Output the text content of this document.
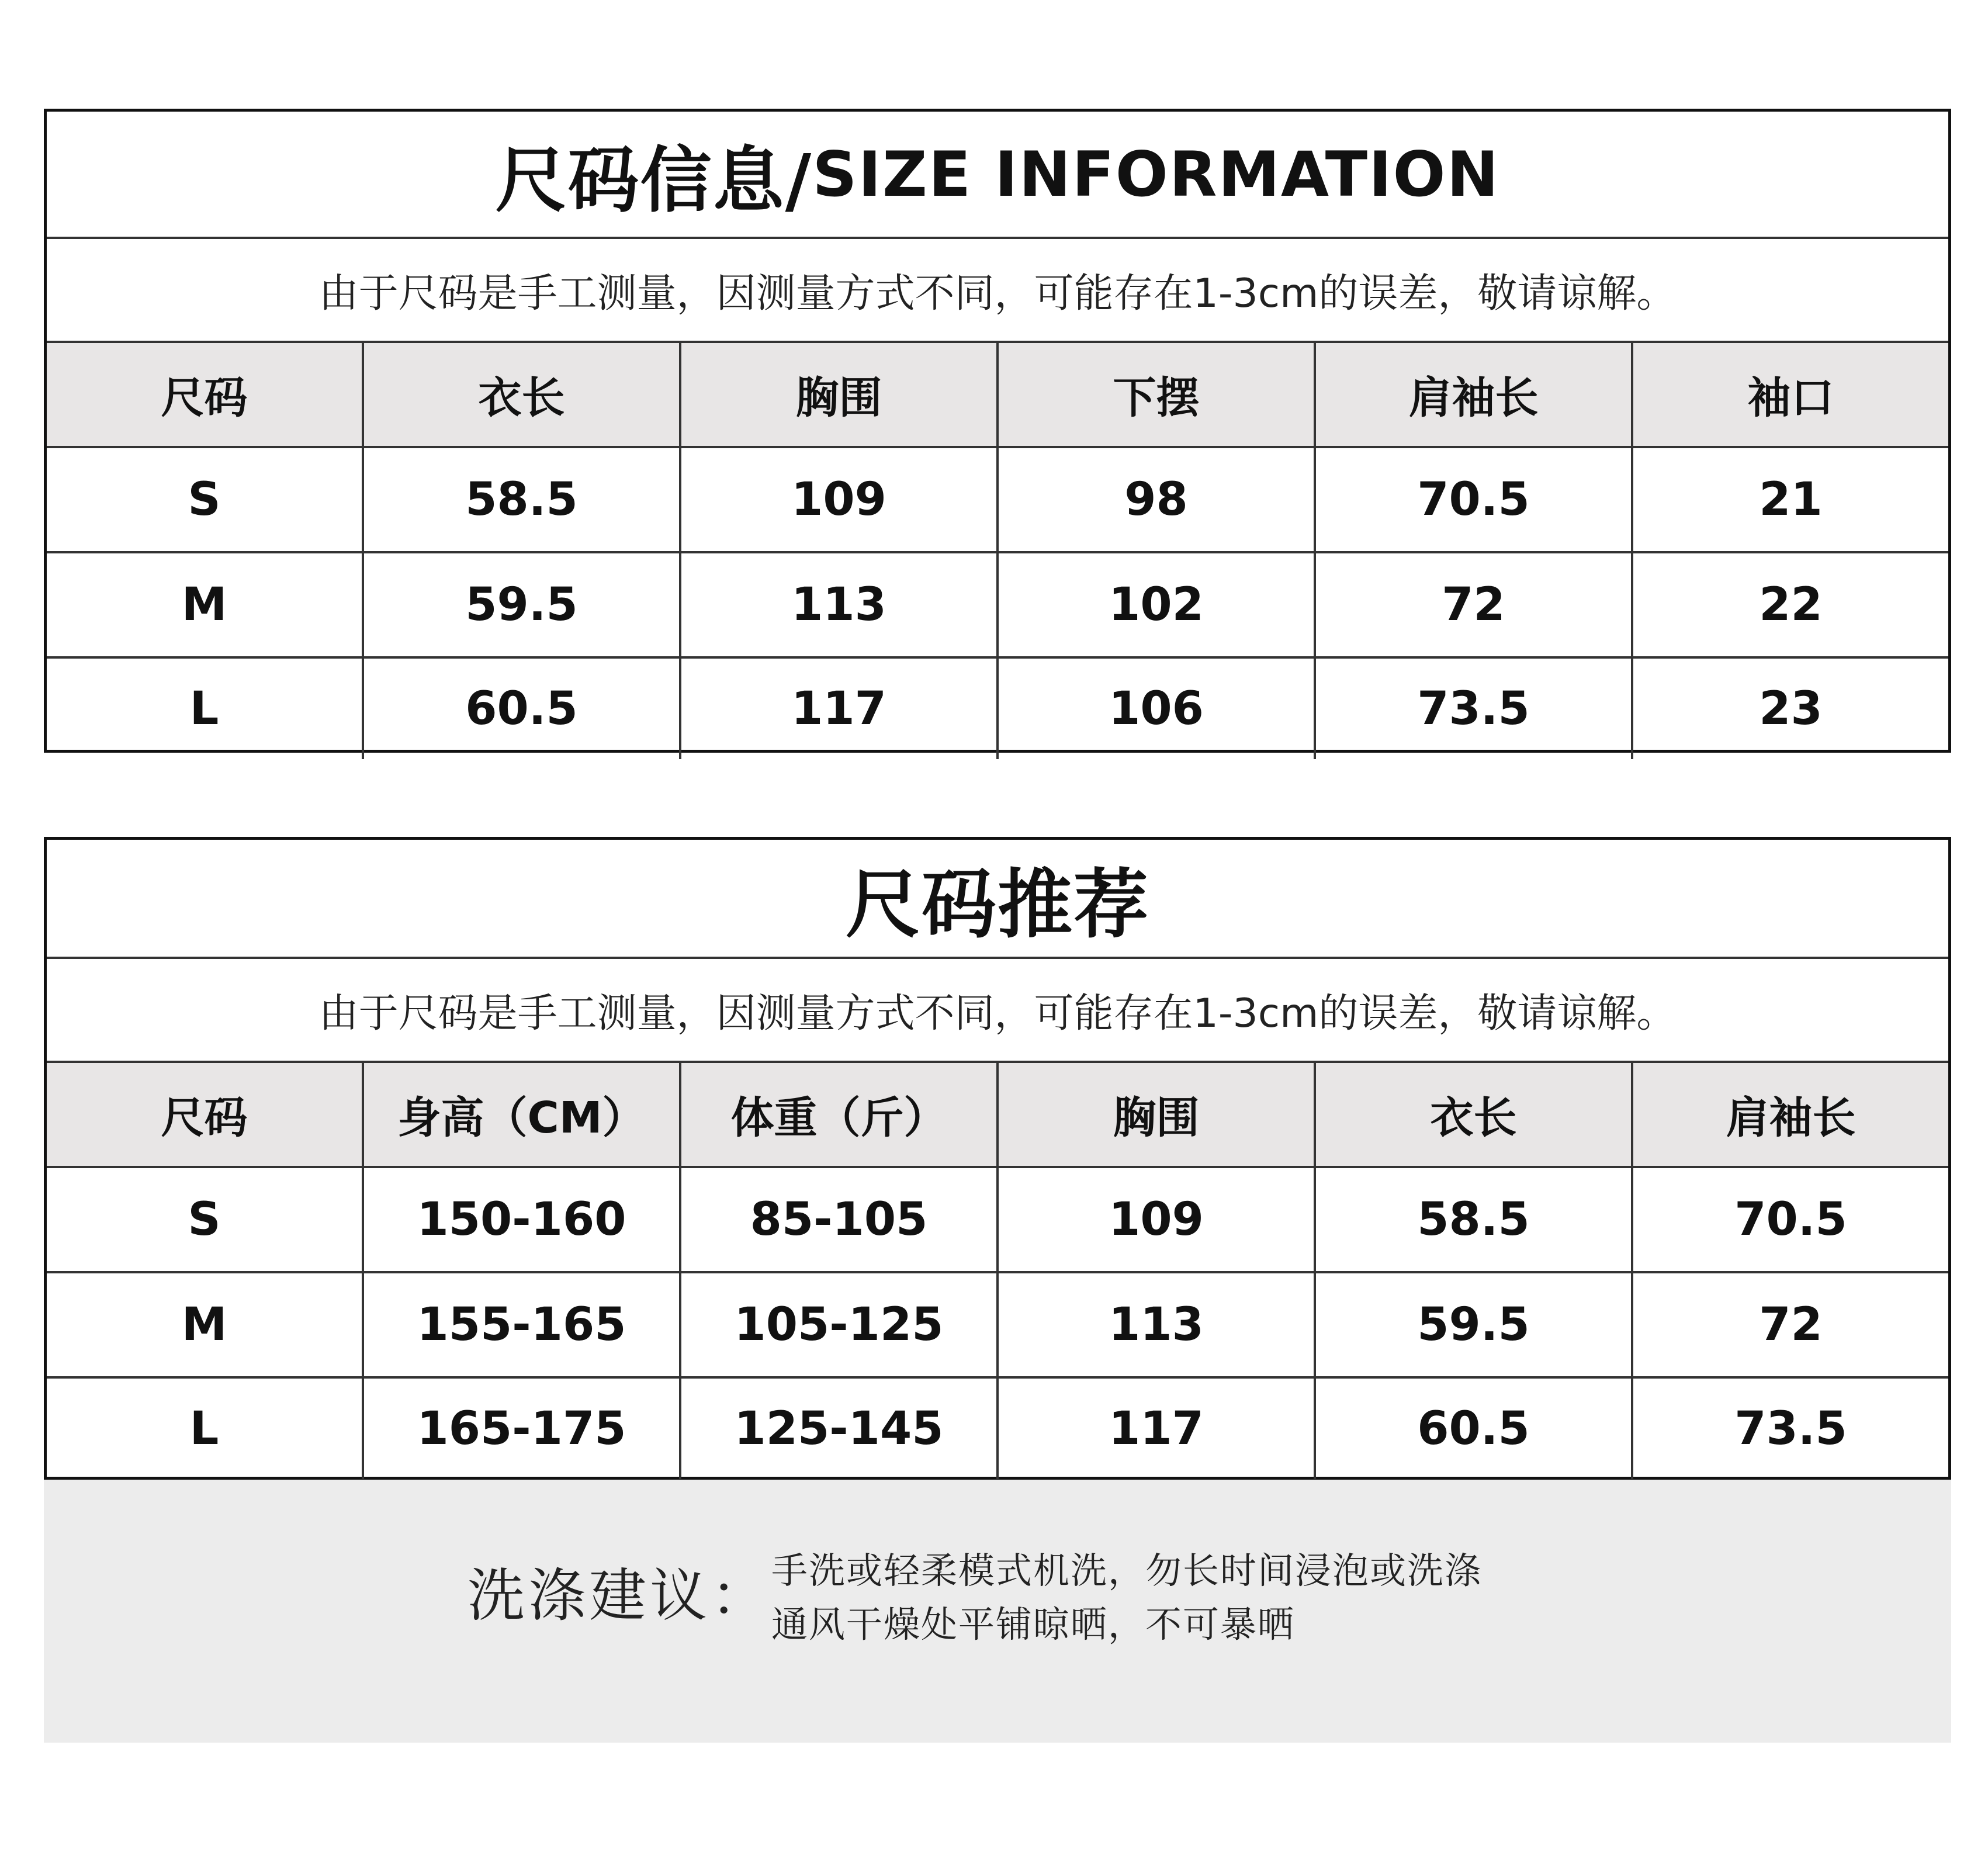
尺码信息/ SIZE INFORMATION
由于尺码是手工测量，因测量方式不同，可能存在1-3cm的误差，敬请谅解。
尺码	衣长	胸围	下摆	肩袖长	袖口
S	58.5	109	98	70.5	21
M	59.5	113	102	72	22
L	60.5	117	106	73.5	23
尺码推荐
由于尺码是手工测量，因测量方式不同，可能存在1-3cm的误差，敬请谅解。
尺码	身高（CM）	体重（斤）	胸围	衣长	肩袖长
S	150-160	85-105	109	58.5	70.5
M	155-165	105-125	113	59.5	72
L	165-175	125-145	117	60.5	73.5
洗涤建议： 手洗或轻柔模式机洗，勿长时间浸泡或洗涤
通风干燥处平铺晾晒，不可暴晒
